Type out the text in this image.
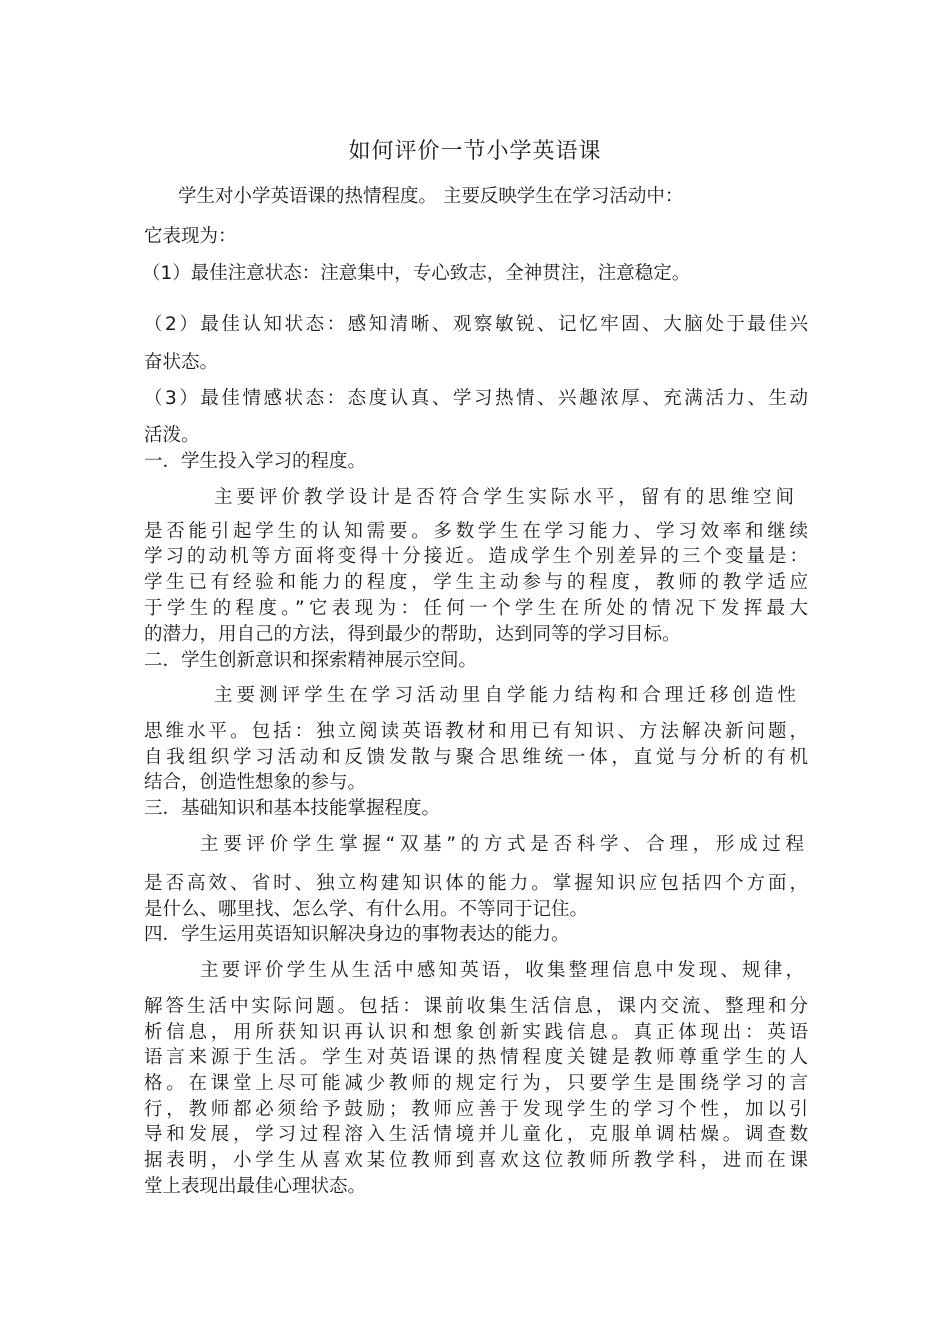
如何评价一节小学英语课
学生对小学英语课的热情程度。 主要反映学生在学习活动中：
它表现为：
（1）最佳注意状态：注意集中，专心致志，全神贯注，注意稳定。
（2）最佳认知状态：感知清晰、观察敏锐、记忆牢固、大脑处于最佳兴
奋状态。
（3）最佳情感状态：态度认真、学习热情、兴趣浓厚、充满活力、生动
活泼。
一．学生投入学习的程度。
主要评价教学设计是否符合学生实际水平，留有的思维空间
是否能引起学生的认知需要。多数学生在学习能力、学习效率和继续
学习的动机等方面将变得十分接近。造成学生个别差异的三个变量是：
学生已有经验和能力的程度，学生主动参与的程度，教师的教学适应
于学生的程度。”它表现为：任何一个学生在所处的情况下发挥最大
的潜力，用自己的方法，得到最少的帮助，达到同等的学习目标。
二．学生创新意识和探索精神展示空间。
主要测评学生在学习活动里自学能力结构和合理迁移创造性
思维水平。包括：独立阅读英语教材和用已有知识、方法解决新问题，
自我组织学习活动和反馈发散与聚合思维统一体，直觉与分析的有机
结合，创造性想象的参与。
三．基础知识和基本技能掌握程度。
主要评价学生掌握“双基”的方式是否科学、合理，形成过程
是否高效、省时、独立构建知识体的能力。掌握知识应包括四个方面，
是什么、哪里找、怎么学、有什么用。不等同于记住。
四．学生运用英语知识解决身边的事物表达的能力。
主要评价学生从生活中感知英语，收集整理信息中发现、规律，
解答生活中实际问题。包括：课前收集生活信息，课内交流、整理和分
析信息，用所获知识再认识和想象创新实践信息。真正体现出：英语
语言来源于生活。学生对英语课的热情程度关键是教师尊重学生的人
格。在课堂上尽可能减少教师的规定行为，只要学生是围绕学习的言
行，教师都必须给予鼓励；教师应善于发现学生的学习个性，加以引
导和发展，学习过程溶入生活情境并儿童化，克服单调枯燥。调查数
据表明，小学生从喜欢某位教师到喜欢这位教师所教学科，进而在课
堂上表现出最佳心理状态。
